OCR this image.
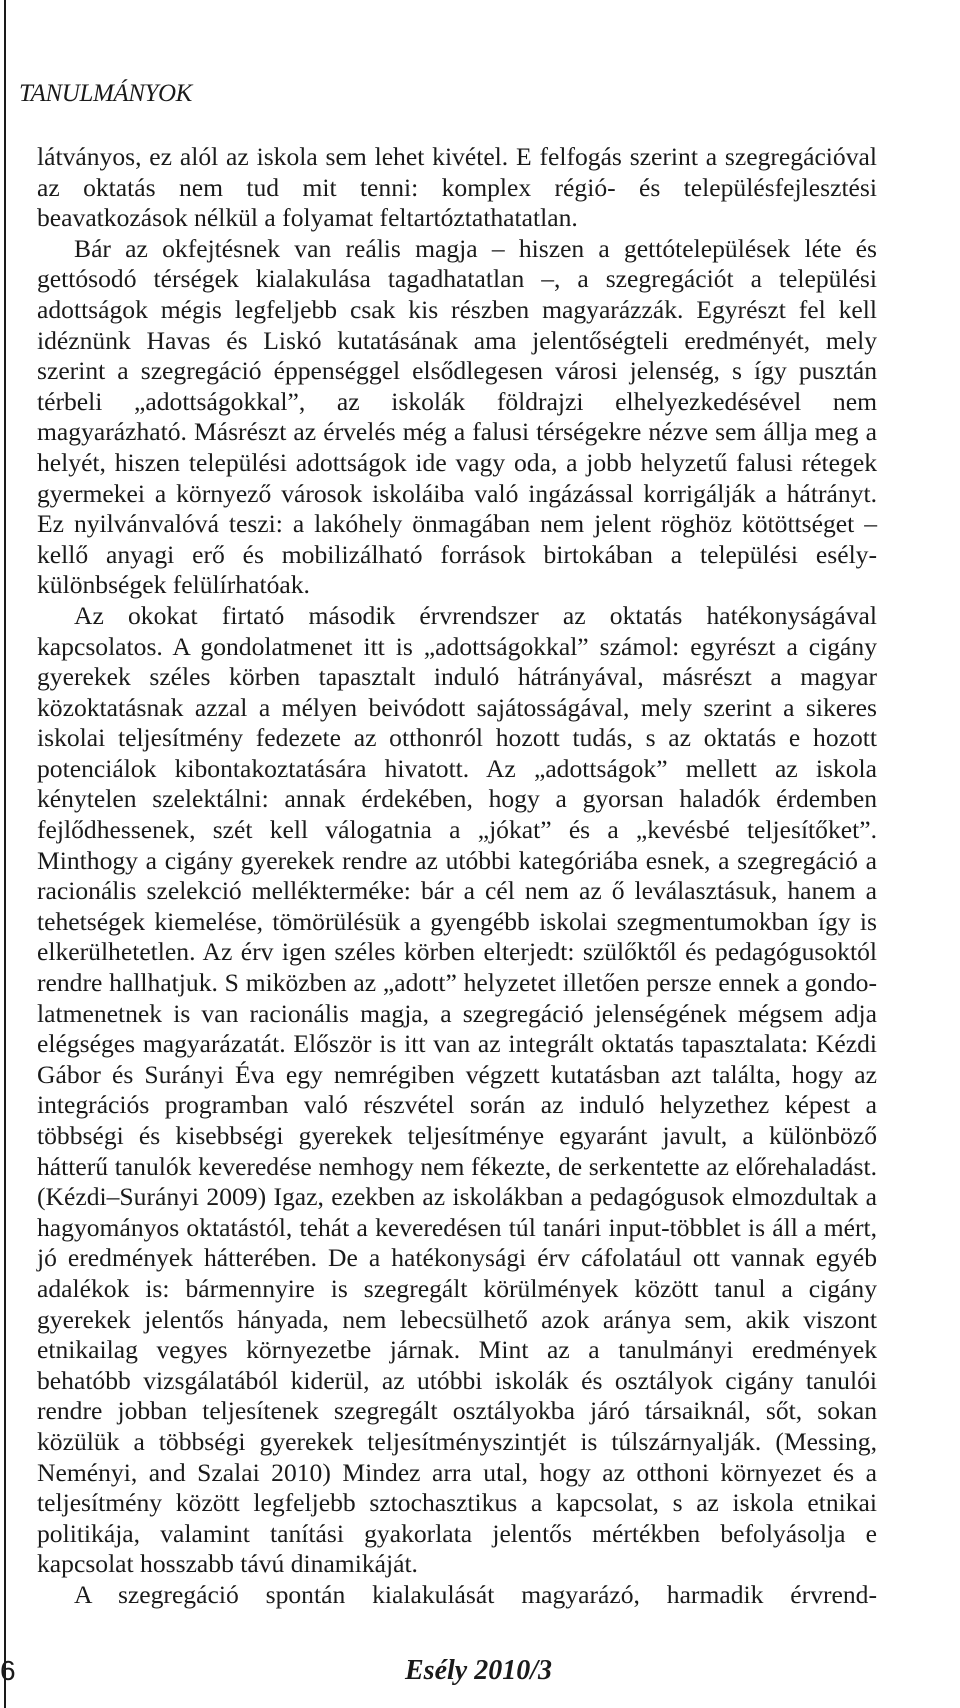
TANULMÁNYOK

látványos, ez alól az iskola sem lehet kivétel. E felfogás szerint a szegregációval az oktatás nem tud mit tenni: komplex régió- és településfejlesztési beavatkozások nélkül a folyamat feltartóztathatatlan.

Bár az okfejtésnek van reális magja – hiszen a gettótelepülések léte és gettósodó térségek kialakulása tagadhatatlan –, a szegregációt a települési adottságok mégis legfeljebb csak kis részben magyarázzák. Egyrészt fel kell idéznünk Havas és Liskó kutatásának ama jelentőségteli eredményét, mely szerint a szegregáció éppenséggel elsődlegesen városi jelenség, s így pusztán térbeli „adottságokkal”, az iskolák földrajzi elhelyezkedésével nem magyarázható. Másrészt az érvelés még a falusi térségekre nézve sem állja meg a helyét, hiszen települési adottságok ide vagy oda, a jobb helyzetű falusi rétegek gyermekei a környező városok iskoláiba való ingázással korrigálják a hátrányt. Ez nyilvánvalóvá teszi: a lakóhely önmagában nem jelent röghöz kötöttséget – kellő anyagi erő és mobilizálható források birtokában a települési esély-különbségek felülírhatóak.

Az okokat firtató második érvrendszer az oktatás hatékonyságával kapcsolatos. A gondolatmenet itt is „adottságokkal” számol: egyrészt a cigány gyerekek széles körben tapasztalt induló hátrányával, másrészt a magyar közoktatásnak azzal a mélyen beivódott sajátosságával, mely szerint a sikeres iskolai teljesítmény fedezete az otthonról hozott tudás, s az oktatás e hozott potenciálok kibontakoztatására hivatott. Az „adottságok” mellett az iskola kénytelen szelektálni: annak érdekében, hogy a gyorsan haladók érdemben fejlődhessenek, szét kell válogatnia a „jókat” és a „kevésbé teljesítőket”. Minthogy a cigány gyerekek rendre az utóbbi kategóriába esnek, a szegregáció a racionális szelekció mellékterméke: bár a cél nem az ő leválasztásuk, hanem a tehetségek kiemelése, tömörülésük a gyengébb iskolai szegmentumokban így is elkerülhetetlen. Az érv igen széles körben elterjedt: szülőktől és pedagógusoktól rendre hallhatjuk. S miközben az „adott” helyzetet illetően persze ennek a gondolatmenetnek is van racionális magja, a szegregáció jelenségének mégsem adja elégséges magyarázatát. Először is itt van az integrált oktatás tapasztalata: Kézdi Gábor és Surányi Éva egy nemrégiben végzett kutatásban azt találta, hogy az integrációs programban való részvétel során az induló helyzethez képest a többségi és kisebbségi gyerekek teljesítménye egyaránt javult, a különböző hátterű tanulók keveredése nemhogy nem fékezte, de serkentette az előrehaladást. (Kézdi–Surányi 2009) Igaz, ezekben az iskolákban a pedagógusok elmozdultak a hagyományos oktatástól, tehát a keveredésen túl tanári input-többlet is áll a mért, jó eredmények hátterében. De a hatékonysági érv cáfolatául ott vannak egyéb adalékok is: bármennyire is szegregált körülmények között tanul a cigány gyerekek jelentős hányada, nem lebecsülhető azok aránya sem, akik viszont etnikailag vegyes környezetbe járnak. Mint az a tanulmányi eredmények behatóbb vizsgálatából kiderül, az utóbbi iskolák és osztályok cigány tanulói rendre jobban teljesítenek szegregált osztályokba járó társaiknál, sőt, sokan közülük a többségi gyerekek teljesítményszintjét is túlszárnyalják. (Messing, Neményi, and Szalai 2010) Mindez arra utal, hogy az otthoni környezet és a teljesítmény között legfeljebb sztochasztikus a kapcsolat, s az iskola etnikai politikája, valamint tanítási gyakorlata jelentős mértékben befolyásolja e kapcsolat hosszabb távú dinamikáját.

A szegregáció spontán kialakulását magyarázó, harmadik érvrend-

6	Esély 2010/3
